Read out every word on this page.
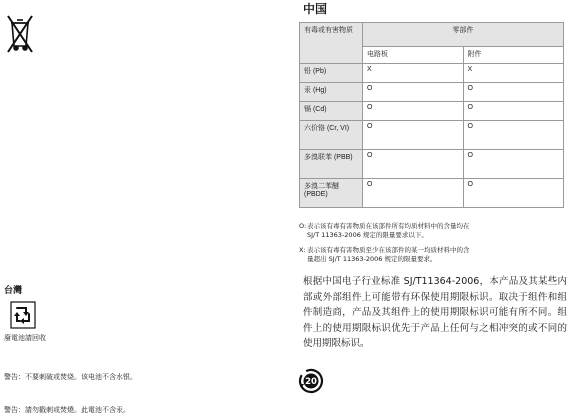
台灣
廢電池請回收
警告：不要刺破或焚烧。该电池不含水银。
警告：請勿戳刺或焚燒。此電池不含汞。
中国
有毒或有害物质	零部件	
	电路板	附件
铅 (Pb)	X	X
汞 (Hg)	O	O
镉 (Cd)	O	O
六价铬 (Cr, VI)	O	O
多溴联苯 (PBB)	O	O
多溴二苯醚 (PBDE)	O	O
O:表示该有毒有害物质在该部件所有均质材料中的含量均在
SJ/T 11363-2006 规定的限量要求以下。
X:表示该有毒有害物质至少在该部件的某一均质材料中的含
量超出 SJ/T 11363-2006 规定的限量要求。
根据中国电子行业标准 SJ/T11364-2006，本产品及其某些内部或外部组件上可能带有环保使用期限标识。取决于组件和组件制造商，产品及其组件上的使用期限标识可能有所不同。组件上的使用期限标识优先于产品上任何与之相冲突的或不同的使用期限标识。
20
